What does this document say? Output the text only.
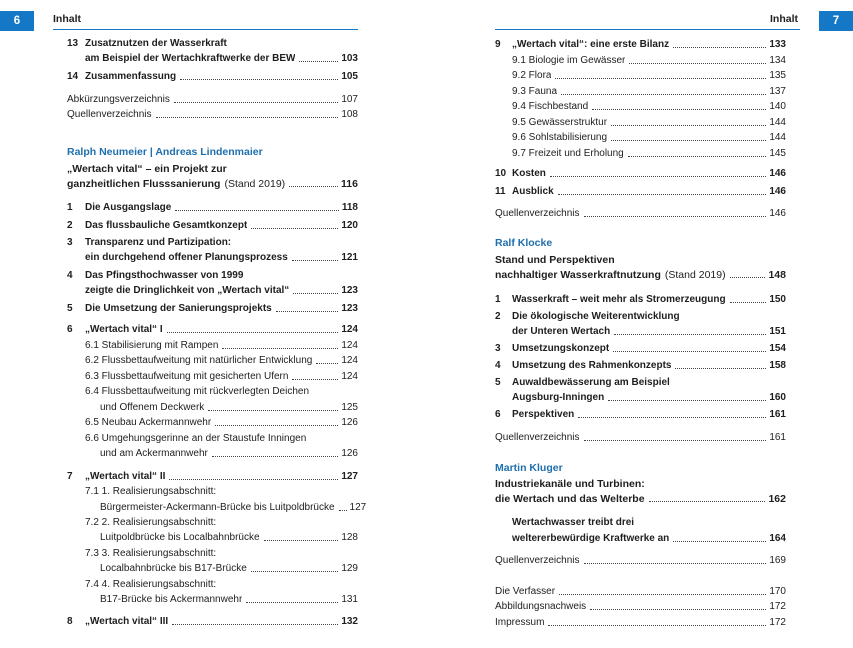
6	Inhalt	7
Inhalt
13 Zusatznutzen der Wasserkraft
am Beispiel der Wertachkraftwerke der BEW	103
14 Zusammenfassung	105
Abkürzungsverzeichnis	107
Quellenverzeichnis	108
Ralph Neumeier | Andreas Lindenmaier
„Wertach vital“ – ein Projekt zur
ganzheitlichen Flusssanierung (Stand 2019)	116
1	Die Ausgangslage	118
2	Das flussbauliche Gesamtkonzept	120
3	Transparenz und Partizipation:
ein durchgehend offener Planungsprozess	121
4	Das Pfingsthochwasser von 1999
zeigte die Dringlichkeit von „Wertach vital“	123
5	Die Umsetzung der Sanierungsprojekts	123
6	„Wertach vital“ I	124
6.1 Stabilisierung mit Rampen	124
6.2 Flussbettaufweitung mit natürlicher Entwicklung	124
6.3 Flussbettaufweitung mit gesicherten Ufern	124
6.4 Flussbettaufweitung mit rückverlegten Deichen
und Offenem Deckwerk	125
6.5 Neubau Ackermannwehr	126
6.6 Umgehungsgerinne an der Staustufe Inningen
und am Ackermannwehr	126
7	„Wertach vital“ II	127
7.1 1. Realisierungsabschnitt:
Bürgermeister-Ackermann-Brücke bis Luitpoldbrücke 127
7.2 2. Realisierungsabschnitt:
Luitpoldbrücke bis Localbahnbrücke	128
7.3 3. Realisierungsabschnitt:
Localbahnbrücke bis B17-Brücke	129
7.4 4. Realisierungsabschnitt:
B17-Brücke bis Ackermannwehr	131
8	„Wertach vital“ III	132
9	„Wertach vital“: eine erste Bilanz	133
9.1 Biologie im Gewässer	134
9.2 Flora	135
9.3 Fauna	137
9.4 Fischbestand	140
9.5 Gewässerstruktur	144
9.6 Sohlstabilisierung	144
9.7 Freizeit und Erholung	145
10 Kosten	146
11 Ausblick	146
Quellenverzeichnis	146
Ralf Klocke
Stand und Perspektiven
nachhaltiger Wasserkraftnutzung (Stand 2019)	148
1	Wasserkraft – weit mehr als Stromerzeugung	150
2	Die ökologische Weiterentwicklung
der Unteren Wertach	151
3	Umsetzungskonzept	154
4	Umsetzung des Rahmenkonzepts	158
5	Auwaldbewässerung am Beispiel
Augsburg-Inningen	160
6	Perspektiven	161
Quellenverzeichnis	161
Martin Kluger
Industriekanäle und Turbinen:
die Wertach und das Welterbe	162
Wertachwasser treibt drei
weltererbewürdige Kraftwerke an	164
Quellenverzeichnis	169
Die Verfasser	170
Abbildungsnachweis	172
Impressum	172
